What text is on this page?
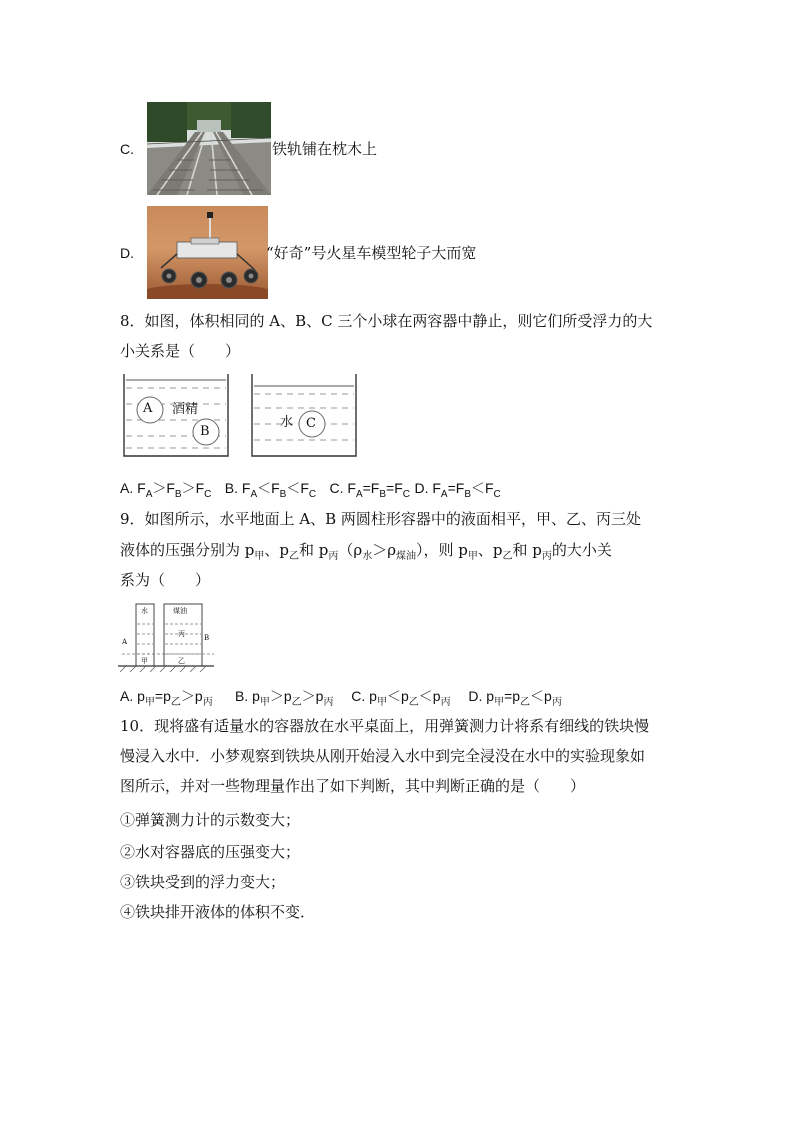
C.	铁轨铺在枕木上
D.	“好奇”号火星车模型轮子大而宽
8．如图，体积相同的 A、B、C 三个小球在两容器中静止，则它们所受浮力的大
小关系是（　　）
A
B
C
酒精
水
A. $F_A>F_B>F_C$ B. $F_A<F_B<F_C$ C. $F_A=F_B=F_C$ D. $F_A=F_B<F_C$
9．如图所示，水平地面上 A、B 两圆柱形容器中的液面相平，甲、乙、丙三处
液体的压强分别为 $p_甲$、$p_乙$和 $p_丙(\rho_水>\rho_{煤油})$，则 $p_甲$、$p_乙$和 $p_丙$的大小关
系为（　　）
A	B
水	煤油
甲	乙
丙
A. $p_甲=p_乙>p_丙$ B. $p_甲>p_乙>p_丙$ C. $p_甲<p_乙<p_丙$ D. $p_甲=p_乙<p_丙$
10．现将盛有适量水的容器放在水平桌面上，用弹簧测力计将系有细线的铁块慢
慢浸入水中．小梦观察到铁块从刚开始浸入水中到完全浸没在水中的实验现象如
图所示，并对一些物理量作出了如下判断，其中判断正确的是（　　）
①弹簧测力计的示数变大；
②水对容器底的压强变大；
③铁块受到的浮力变大；
④铁块排开液体的体积不变．
